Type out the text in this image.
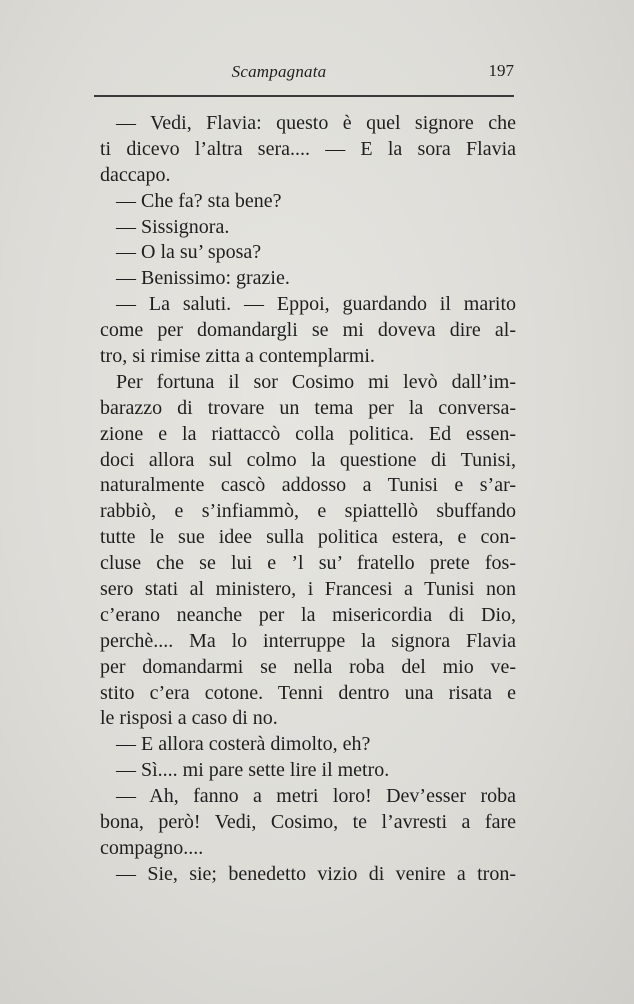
Scampagnata	197
— Vedi, Flavia: questo è quel signore che
ti dicevo l’altra sera.... — E la sora Flavia
daccapo.
— Che fa? sta bene?
— Sissignora.
— O la su’ sposa?
— Benissimo: grazie.
— La saluti. — Eppoi, guardando il marito
come per domandargli se mi doveva dire al-
tro, si rimise zitta a contemplarmi.
Per fortuna il sor Cosimo mi levò dall’im-
barazzo di trovare un tema per la conversa-
zione e la riattaccò colla politica. Ed essen-
doci allora sul colmo la questione di Tunisi,
naturalmente cascò addosso a Tunisi e s’ar-
rabbiò, e s’infiammò, e spiattellò sbuffando
tutte le sue idee sulla politica estera, e con-
cluse che se lui e ’l su’ fratello prete fos-
sero stati al ministero, i Francesi a Tunisi non
c’erano neanche per la misericordia di Dio,
perchè.... Ma lo interruppe la signora Flavia
per domandarmi se nella roba del mio ve-
stito c’era cotone. Tenni dentro una risata e
le risposi a caso di no.
— E allora costerà dimolto, eh?
— Sì.... mi pare sette lire il metro.
— Ah, fanno a metri loro! Dev’esser roba
bona, però! Vedi, Cosimo, te l’avresti a fare
compagno....
— Sie, sie; benedetto vizio di venire a tron-
